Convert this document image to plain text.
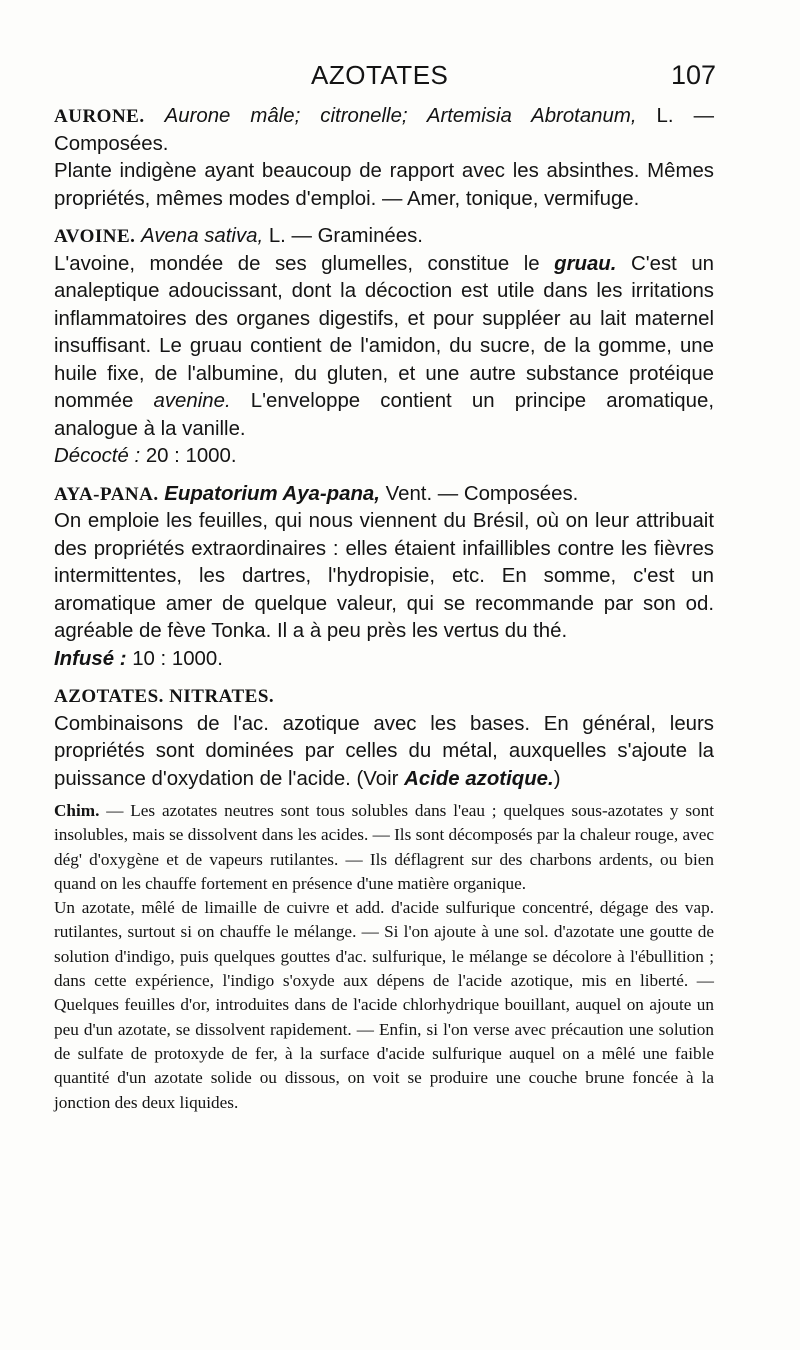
AZOTATES	107

AURONE. Aurone mâle; citronelle; Artemisia Abrotanum, L. — Composées.

Plante indigène ayant beaucoup de rapport avec les absinthes. Mêmes propriétés, mêmes modes d'emploi. — Amer, tonique, vermifuge.

AVOINE. Avena sativa, L. — Graminées.

L'avoine, mondée de ses glumelles, constitue le gruau. C'est un analeptique adoucissant, dont la décoction est utile dans les irritations inflammatoires des organes digestifs, et pour suppléer au lait maternel insuffisant. Le gruau contient de l'amidon, du sucre, de la gomme, une huile fixe, de l'albumine, du gluten, et une autre substance protéique nommée avenine. L'enveloppe contient un principe aromatique, analogue à la vanille.

Décocté : 20 : 1000.

AYA-PANA. Eupatorium Aya-pana, Vent. — Composées.

On emploie les feuilles, qui nous viennent du Brésil, où on leur attribuait des propriétés extraordinaires : elles étaient infaillibles contre les fièvres intermittentes, les dartres, l'hydropisie, etc. En somme, c'est un aromatique amer de quelque valeur, qui se recommande par son od. agréable de fève Tonka. Il a à peu près les vertus du thé.

Infusé : 10 : 1000.

AZOTATES. NITRATES.

Combinaisons de l'ac. azotique avec les bases. En général, leurs propriétés sont dominées par celles du métal, auxquelles s'ajoute la puissance d'oxydation de l'acide. (Voir Acide azotique.)

Chim. — Les azotates neutres sont tous solubles dans l'eau ; quelques sous-azotates y sont insolubles, mais se dissolvent dans les acides. — Ils sont décomposés par la chaleur rouge, avec dég' d'oxygène et de vapeurs rutilantes. — Ils déflagrent sur des charbons ardents, ou bien quand on les chauffe fortement en présence d'une matière organique.

Un azotate, mêlé de limaille de cuivre et add. d'acide sulfurique concentré, dégage des vap. rutilantes, surtout si on chauffe le mélange. — Si l'on ajoute à une sol. d'azotate une goutte de solution d'indigo, puis quelques gouttes d'ac. sulfurique, le mélange se décolore à l'ébullition ; dans cette expérience, l'indigo s'oxyde aux dépens de l'acide azotique, mis en liberté. — Quelques feuilles d'or, introduites dans de l'acide chlorhydrique bouillant, auquel on ajoute un peu d'un azotate, se dissolvent rapidement. — Enfin, si l'on verse avec précaution une solution de sulfate de protoxyde de fer, à la surface d'acide sulfurique auquel on a mêlé une faible quantité d'un azotate solide ou dissous, on voit se produire une couche brune foncée à la jonction des deux liquides.
